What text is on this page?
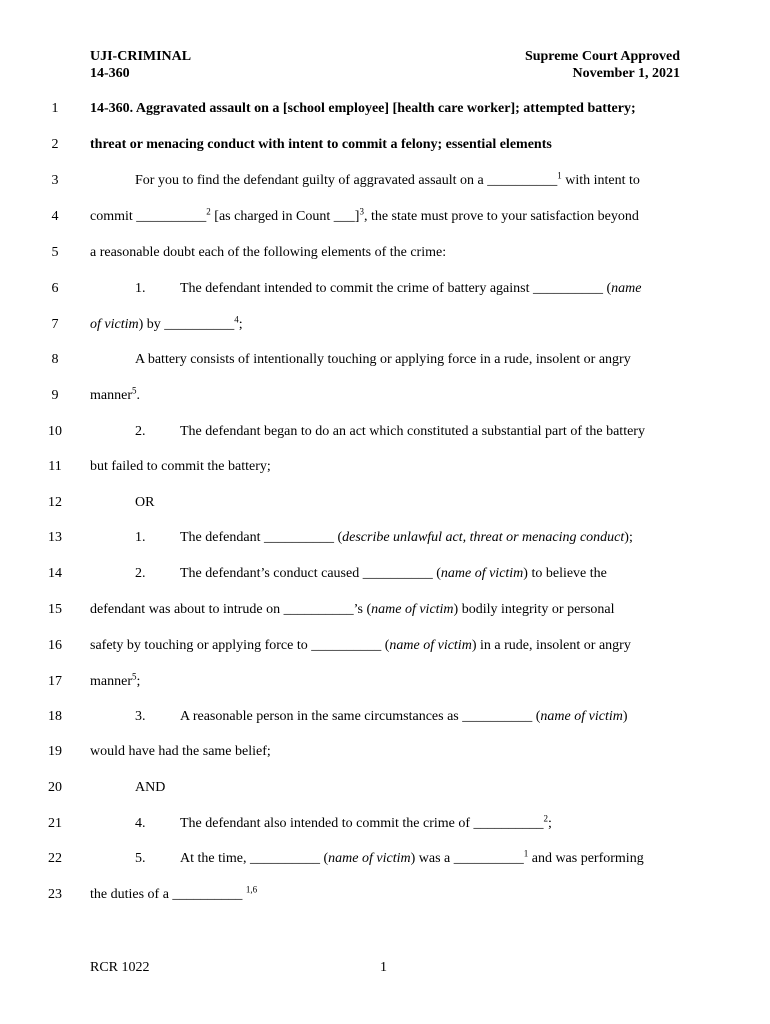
UJI-CRIMINAL
14-360
Supreme Court Approved
November 1, 2021
1	14-360. Aggravated assault on a [school employee] [health care worker]; attempted battery;
2	threat or menacing conduct with intent to commit a felony; essential elements
3	For you to find the defendant guilty of aggravated assault on a __________$^1$ with intent to
4	commit __________$^2$ [as charged in Count ___]$^3$, the state must prove to your satisfaction beyond
5	a reasonable doubt each of the following elements of the crime:
6	1. The defendant intended to commit the crime of battery against __________ (name
7	of victim) by __________$^4$;
8	A battery consists of intentionally touching or applying force in a rude, insolent or angry
9	manner$^5$.
10	2. The defendant began to do an act which constituted a substantial part of the battery
11	but failed to commit the battery;
12	OR
13	1. The defendant __________ (describe unlawful act, threat or menacing conduct);
14	2. The defendant’s conduct caused __________ (name of victim) to believe the
15	defendant was about to intrude on __________’s (name of victim) bodily integrity or personal
16	safety by touching or applying force to __________ (name of victim) in a rude, insolent or angry
17	manner$^5$;
18	3. A reasonable person in the same circumstances as __________ (name of victim)
19	would have had the same belief;
20	AND
21	4. The defendant also intended to commit the crime of __________$^2$;
22	5. At the time, __________ (name of victim) was a __________$^1$ and was performing
23	the duties of a __________ $^{1,6}$
RCR 1022	1
